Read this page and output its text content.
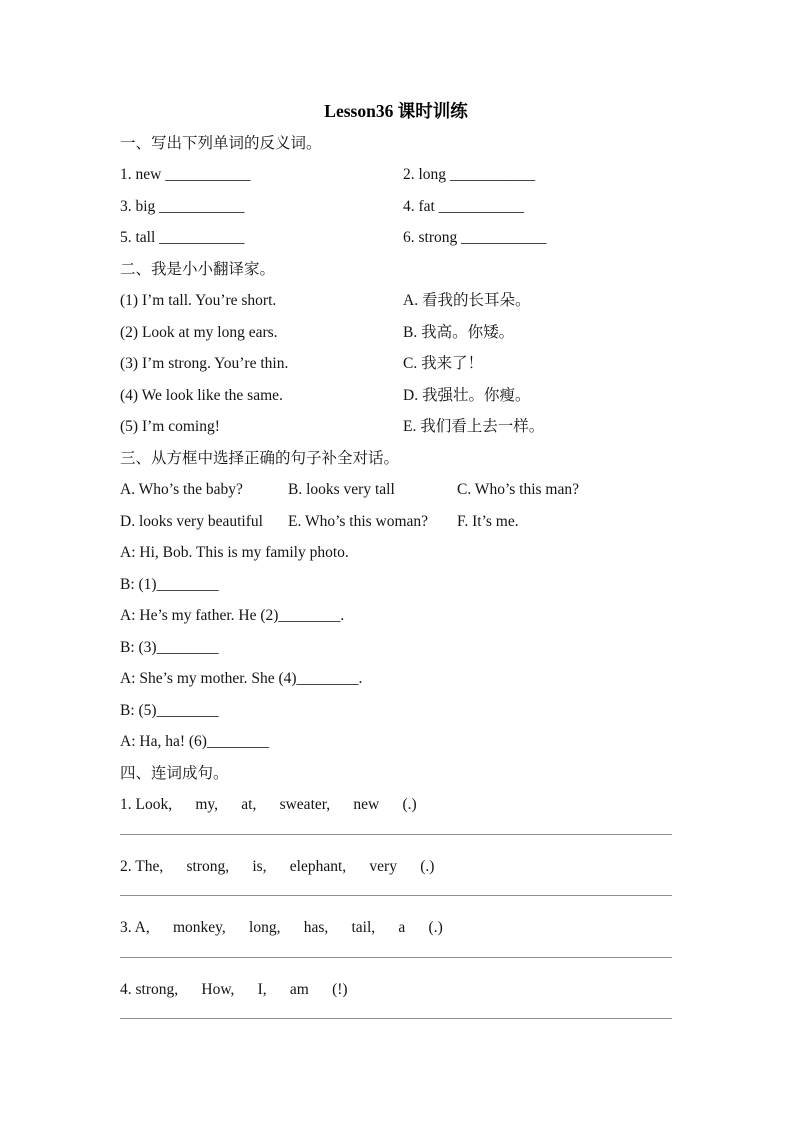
Lesson36 课时训练

一、写出下列单词的反义词。

1. new ___________	2. long ___________

3. big ___________	4. fat ___________

5. tall ___________	6. strong ___________

二、我是小小翻译家。

(1) I’m tall. You’re short.	A. 看我的长耳朵。

(2) Look at my long ears.	B. 我高。你矮。

(3) I’m strong. You’re thin.	C. 我来了！

(4) We look like the same.	D. 我强壮。你瘦。

(5) I’m coming!	E. 我们看上去一样。

三、从方框中选择正确的句子补全对话。

A. Who’s the baby?	B. looks very tall	C. Who’s this man?

D. looks very beautiful	E. Who’s this woman?	F. It’s me.

A: Hi, Bob. This is my family photo.

B: (1)________

A: He’s my father. He (2)________.

B: (3)________

A: She’s my mother. She (4)________.

B: (5)________

A: Ha, ha! (6)________

四、连词成句。

1. Look,      my,      at,      sweater,      new      (.)

2. The,      strong,      is,      elephant,      very      (.)

3. A,      monkey,      long,      has,      tail,      a      (.)

4. strong,      How,      I,      am      (!)
